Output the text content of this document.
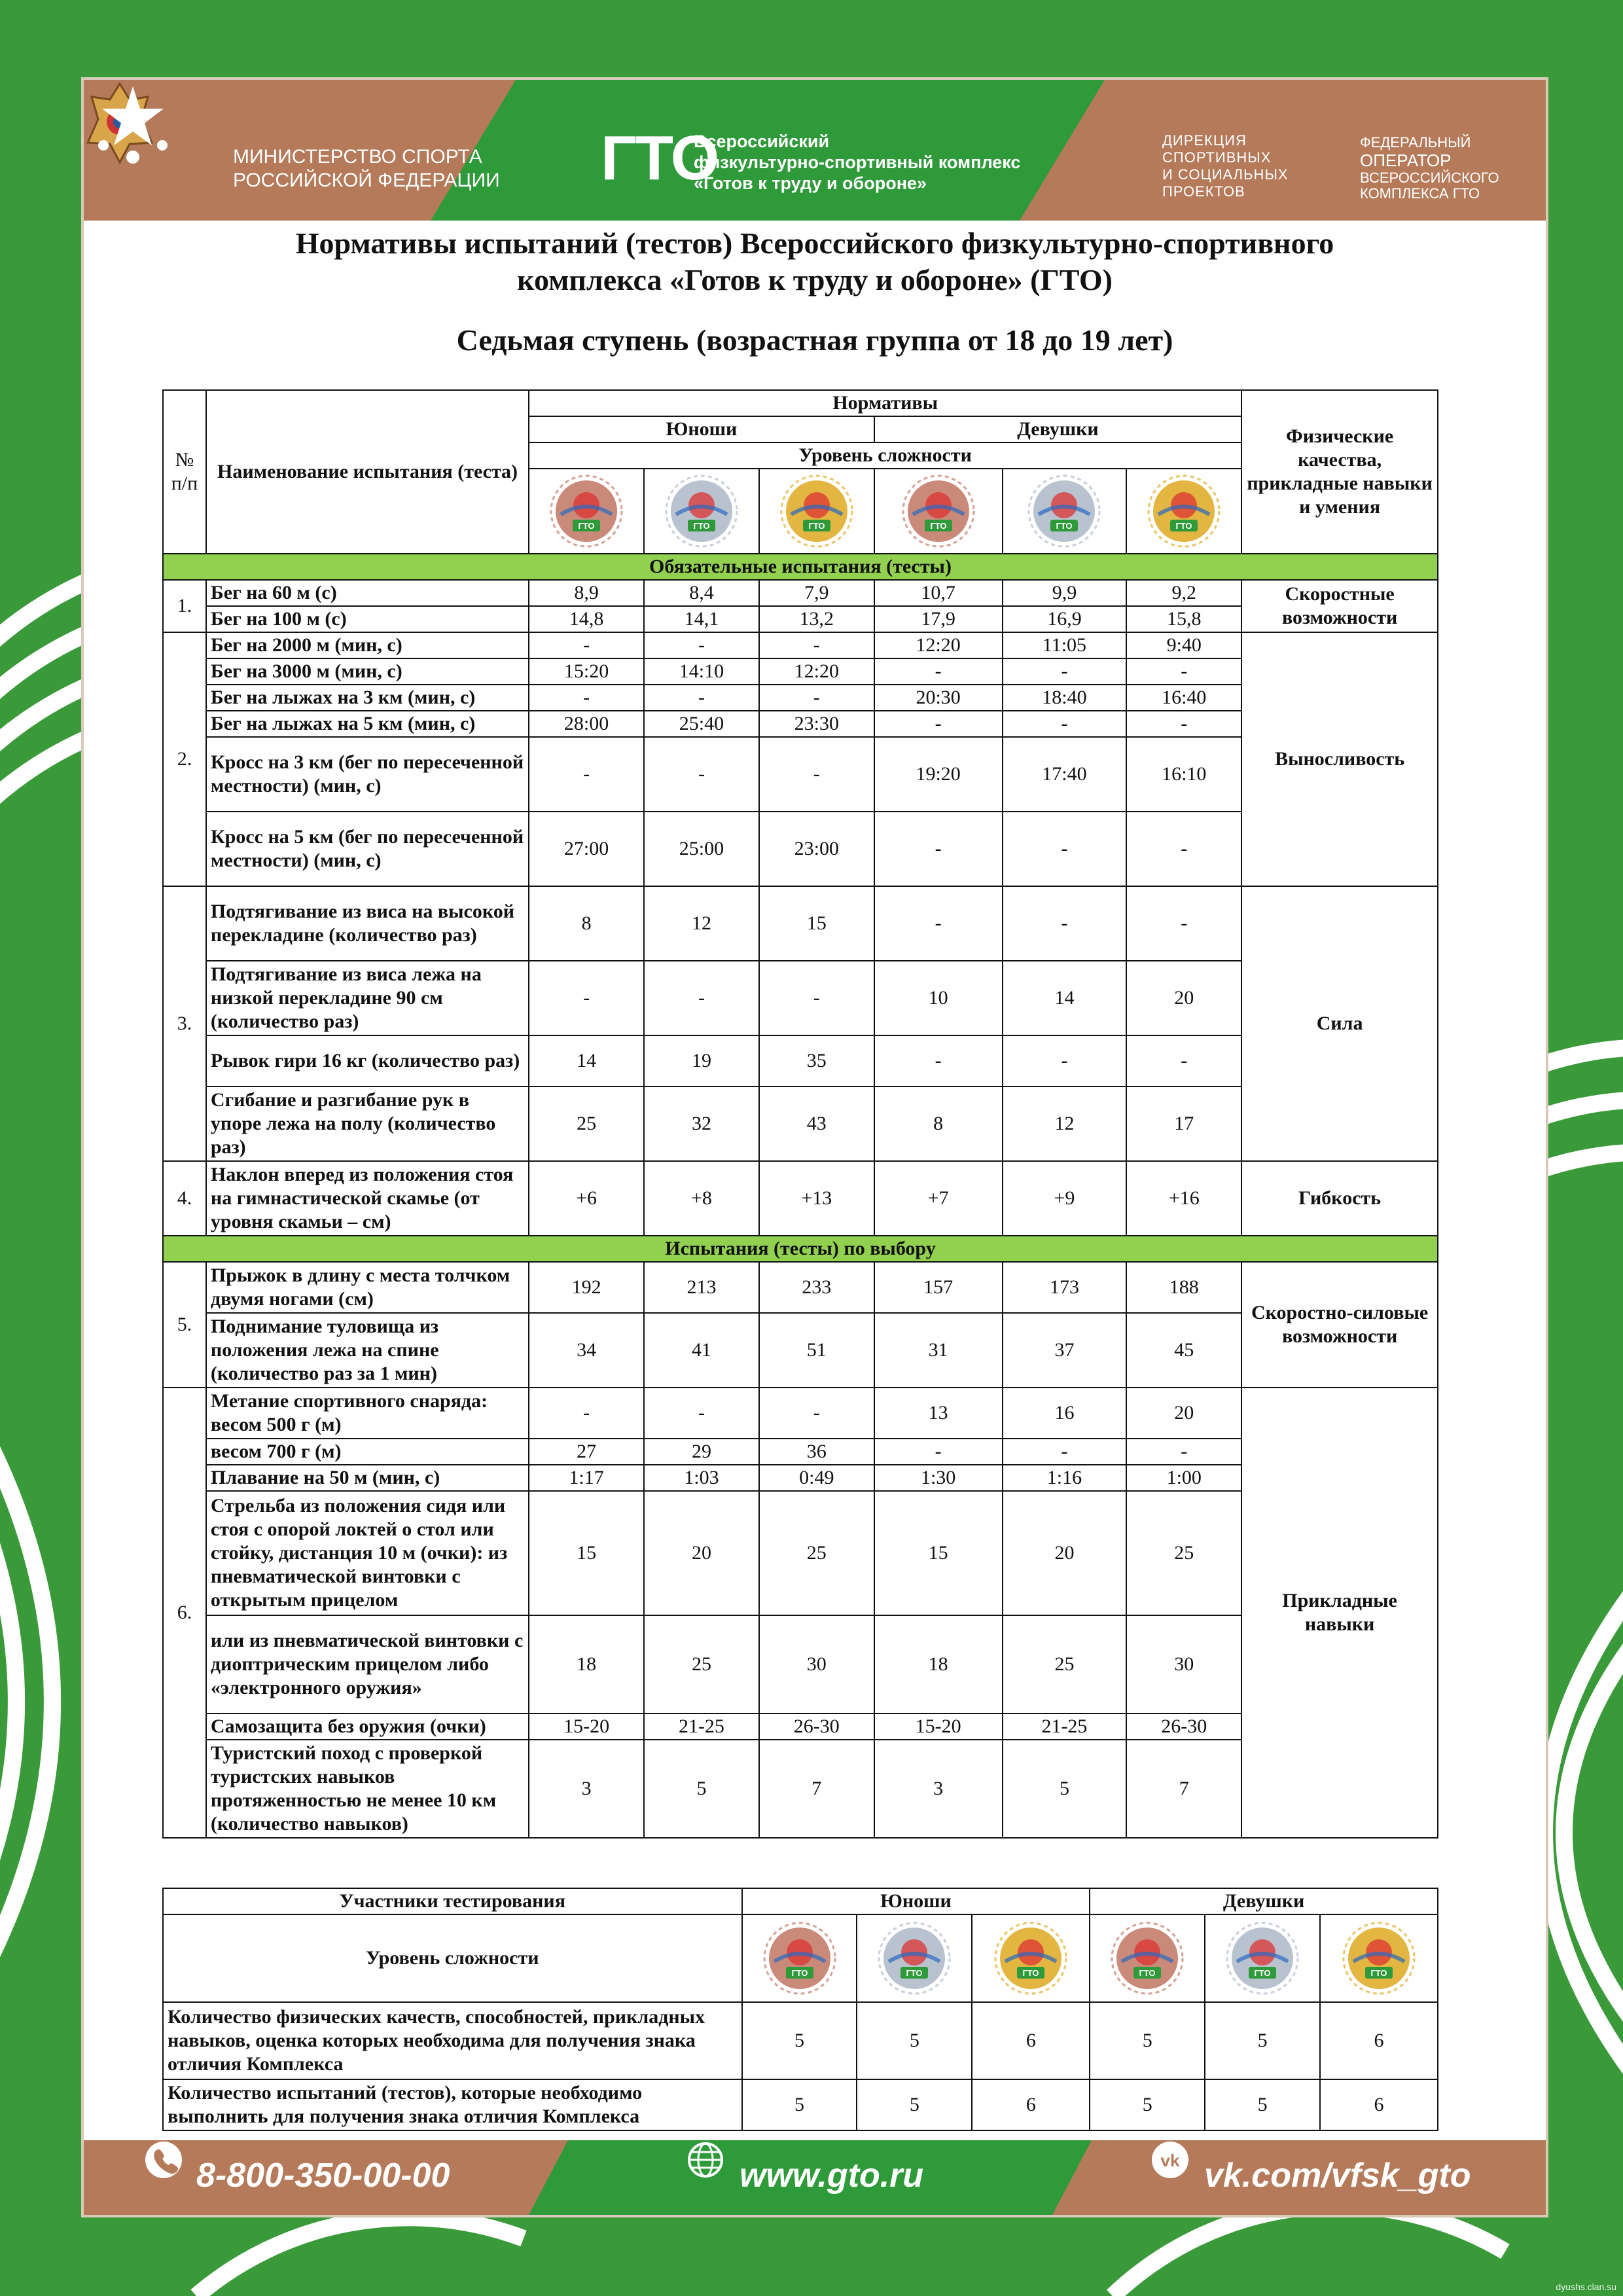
МИНИСТЕРСТВО СПОРТА
РОССИЙСКОЙ ФЕДЕРАЦИИ ГТО
Всероссийский
физкультурно-спортивный комплекс
«Готов к труду и обороне»
ДИРЕКЦИЯ
СПОРТИВНЫХ
И СОЦИАЛЬНЫХ
ПРОЕКТОВ
ФЕДЕРАЛЬНЫЙ
ОПЕРАТОР
ВСЕРОССИЙСКОГО
КОМПЛЕКСА ГТО
Нормативы испытаний (тестов) Всероссийского физкультурно-спортивного
комплекса «Готов к труду и обороне» (ГТО)
Седьмая ступень (возрастная группа от 18 до 19 лет)
№
п/п	Наименование испытания (теста)	Нормативы						Физические качества, прикладные навыки и умения
		Юноши			Девушки			
		Уровень сложности						

ГТО	ГТО	ГТО	ГТО	ГТО	ГТО	

Обязательные испытания (тесты)								
1.	Бег на 60 м (с)	8,9	8,4	7,9	10,7	9,9	9,2	Скоростные возможности
	Бег на 100 м (с)	14,8	14,1	13,2	17,9	16,9	15,8	
2.	Бег на 2000 м (мин, с)	-	-	-	12:20	11:05	9:40	Выносливость
	Бег на 3000 м (мин, с)	15:20	14:10	12:20	-	-	-	
	Бег на лыжах на 3 км (мин, с)	-	-	-	20:30	18:40	16:40	
	Бег на лыжах на 5 км (мин, с)	28:00	25:40	23:30	-	-	-	
	Кросс на 3 км (бег по пересеченной местности) (мин, с)	-	-	-	19:20	17:40	16:10	
	Кросс на 5 км (бег по пересеченной местности) (мин, с)	27:00	25:00	23:00	-	-	-	
3.	Подтягивание из виса на высокой перекладине (количество раз)	8	12	15	-	-	-	Сила
	Подтягивание из виса лежа на низкой перекладине 90 см (количество раз)	-	-	-	10	14	20	
	Рывок гири 16 кг (количество раз)	14	19	35	-	-	-	
	Сгибание и разгибание рук в упоре лежа на полу (количество раз)	25	32	43	8	12	17	
4.	Наклон вперед из положения стоя на гимнастической скамье (от уровня скамьи – см)	+6	+8	+13	+7	+9	+16	Гибкость
Испытания (тесты) по выбору								
5.	Прыжок в длину с места толчком двумя ногами (см)	192	213	233	157	173	188	Скоростно-силовые возможности
	Поднимание туловища из положения лежа на спине (количество раз за 1 мин)	34	41	51	31	37	45	
6.	Метание спортивного снаряда: весом 500 г (м)	-	-	-	13	16	20	Прикладные навыки
	весом 700 г (м)	27	29	36	-	-	-	
	Плавание на 50 м (мин, с)	1:17	1:03	0:49	1:30	1:16	1:00	
	Стрельба из положения сидя или стоя с опорой локтей о стол или стойку, дистанция 10 м (очки): из пневматической винтовки с открытым прицелом	15	20	25	15	20	25	
	или из пневматической винтовки с диоптрическим прицелом либо «электронного оружия»	18	25	30	18	25	30	
	Самозащита без оружия (очки)	15-20	21-25	26-30	15-20	21-25	26-30	
	Туристский поход с проверкой туристских навыков протяженностью не менее 10 км (количество навыков)	3	5	7	3	5	7	
Участники тестирования	Юноши			Девушки		
Уровень сложности	ГТО	ГТО	ГТО	ГТО	ГТО	ГТО

Количество физических качеств, способностей, прикладных навыков, оценка которых необходима для получения знака отличия Комплекса	5	5	6	5	5	6
Количество испытаний (тестов), которые необходимо выполнить для получения знака отличия Комплекса	5	5	6	5	5	6
8-800-350-00-00	www.gto.ru	vk vk.com/vfsk_gto
dyushs.clan.su
